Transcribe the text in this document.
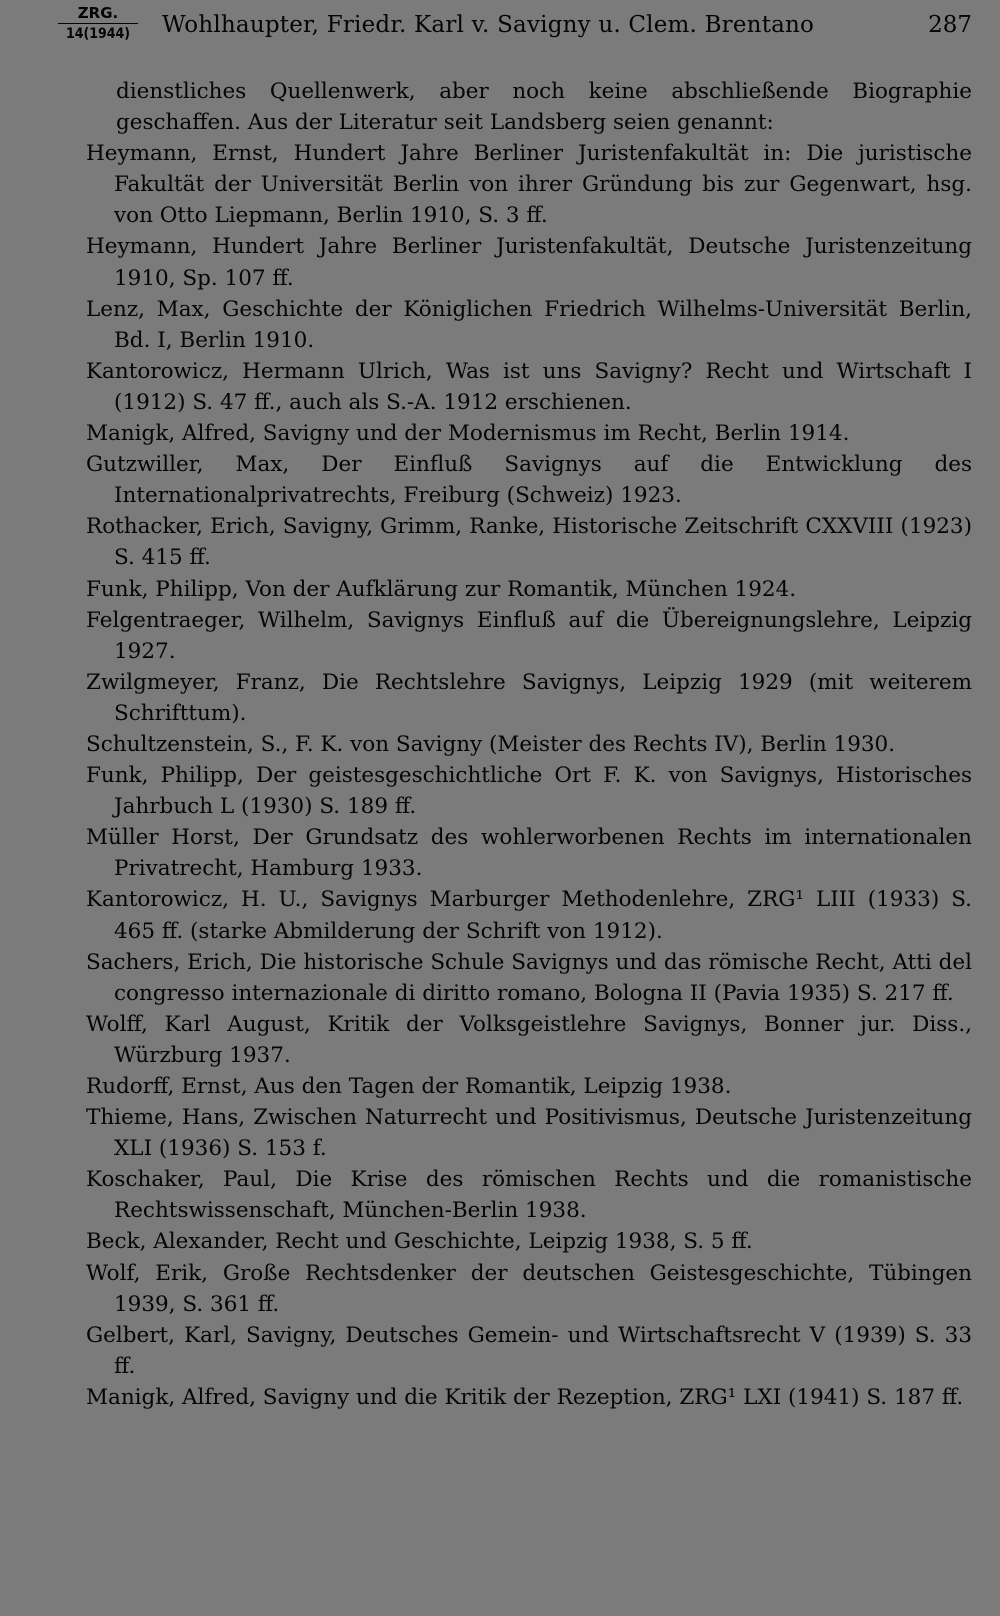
ZRG.
14(1944)	Wohlhaupter, Friedr. Karl v. Savigny u. Clem. Brentano	287

dienstliches Quellenwerk, aber noch keine abschließende Biographie geschaffen. Aus der Literatur seit Landsberg seien genannt:

Heymann, Ernst, Hundert Jahre Berliner Juristenfakultät in: Die juristische Fakultät der Universität Berlin von ihrer Gründung bis zur Gegenwart, hsg. von Otto Liepmann, Berlin 1910, S. 3 ff.

Heymann, Hundert Jahre Berliner Juristenfakultät, Deutsche Juristenzeitung 1910, Sp. 107 ff.

Lenz, Max, Geschichte der Königlichen Friedrich Wilhelms-Universität Berlin, Bd. I, Berlin 1910.

Kantorowicz, Hermann Ulrich, Was ist uns Savigny? Recht und Wirtschaft I (1912) S. 47 ff., auch als S.-A. 1912 erschienen.

Manigk, Alfred, Savigny und der Modernismus im Recht, Berlin 1914.

Gutzwiller, Max, Der Einfluß Savignys auf die Entwicklung des Internationalprivatrechts, Freiburg (Schweiz) 1923.

Rothacker, Erich, Savigny, Grimm, Ranke, Historische Zeitschrift CXXVIII (1923) S. 415 ff.

Funk, Philipp, Von der Aufklärung zur Romantik, München 1924.

Felgentraeger, Wilhelm, Savignys Einfluß auf die Übereignungslehre, Leipzig 1927.

Zwilgmeyer, Franz, Die Rechtslehre Savignys, Leipzig 1929 (mit weiterem Schrifttum).

Schultzenstein, S., F. K. von Savigny (Meister des Rechts IV), Berlin 1930.

Funk, Philipp, Der geistesgeschichtliche Ort F. K. von Savignys, Historisches Jahrbuch L (1930) S. 189 ff.

Müller Horst, Der Grundsatz des wohlerworbenen Rechts im internationalen Privatrecht, Hamburg 1933.

Kantorowicz, H. U., Savignys Marburger Methodenlehre, ZRG¹ LIII (1933) S. 465 ff. (starke Abmilderung der Schrift von 1912).

Sachers, Erich, Die historische Schule Savignys und das römische Recht, Atti del congresso internazionale di diritto romano, Bologna II (Pavia 1935) S. 217 ff.

Wolff, Karl August, Kritik der Volksgeistlehre Savignys, Bonner jur. Diss., Würzburg 1937.

Rudorff, Ernst, Aus den Tagen der Romantik, Leipzig 1938.

Thieme, Hans, Zwischen Naturrecht und Positivismus, Deutsche Juristenzeitung XLI (1936) S. 153 f.

Koschaker, Paul, Die Krise des römischen Rechts und die romanistische Rechtswissenschaft, München-Berlin 1938.

Beck, Alexander, Recht und Geschichte, Leipzig 1938, S. 5 ff.

Wolf, Erik, Große Rechtsdenker der deutschen Geistesgeschichte, Tübingen 1939, S. 361 ff.

Gelbert, Karl, Savigny, Deutsches Gemein- und Wirtschaftsrecht V (1939) S. 33 ff.

Manigk, Alfred, Savigny und die Kritik der Rezeption, ZRG¹ LXI (1941) S. 187 ff.
